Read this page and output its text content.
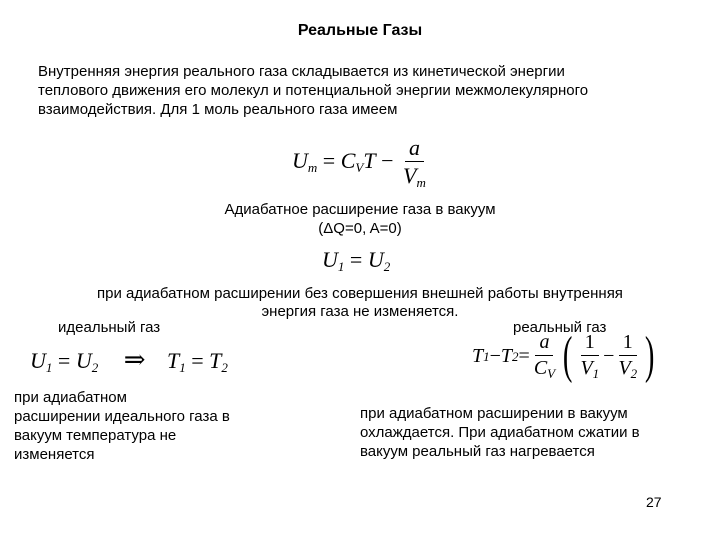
Реальные Газы
Внутренняя энергия реального газа складывается из кинетической энергии
теплового движения его молекул и потенциальной энергии межмолекулярного
взаимодействия. Для 1 моль реального газа имеем
$U_m = C_VT - \frac{a}{V_m}$
Адиабатное расширение газа в вакуум
(ΔQ=0, A=0)
$U_1 = U_2$
при адиабатном расширении без совершения внешней работы внутренняя
энергия газа не изменяется.
идеальный газ	реальный газ
$U_1 = U_2$ ⇒ $T_1 = T_2$
T 1 − T $2 = \frac{a}{C_V}$ ( $\frac{1}{V_1} - \frac{1}{V_2}$ )
при адиабатном
расширении идеального газа в
вакуум температура не
изменяется
при адиабатном расширении в вакуум
охлаждается. При адиабатном сжатии в
вакуум реальный газ нагревается
27
